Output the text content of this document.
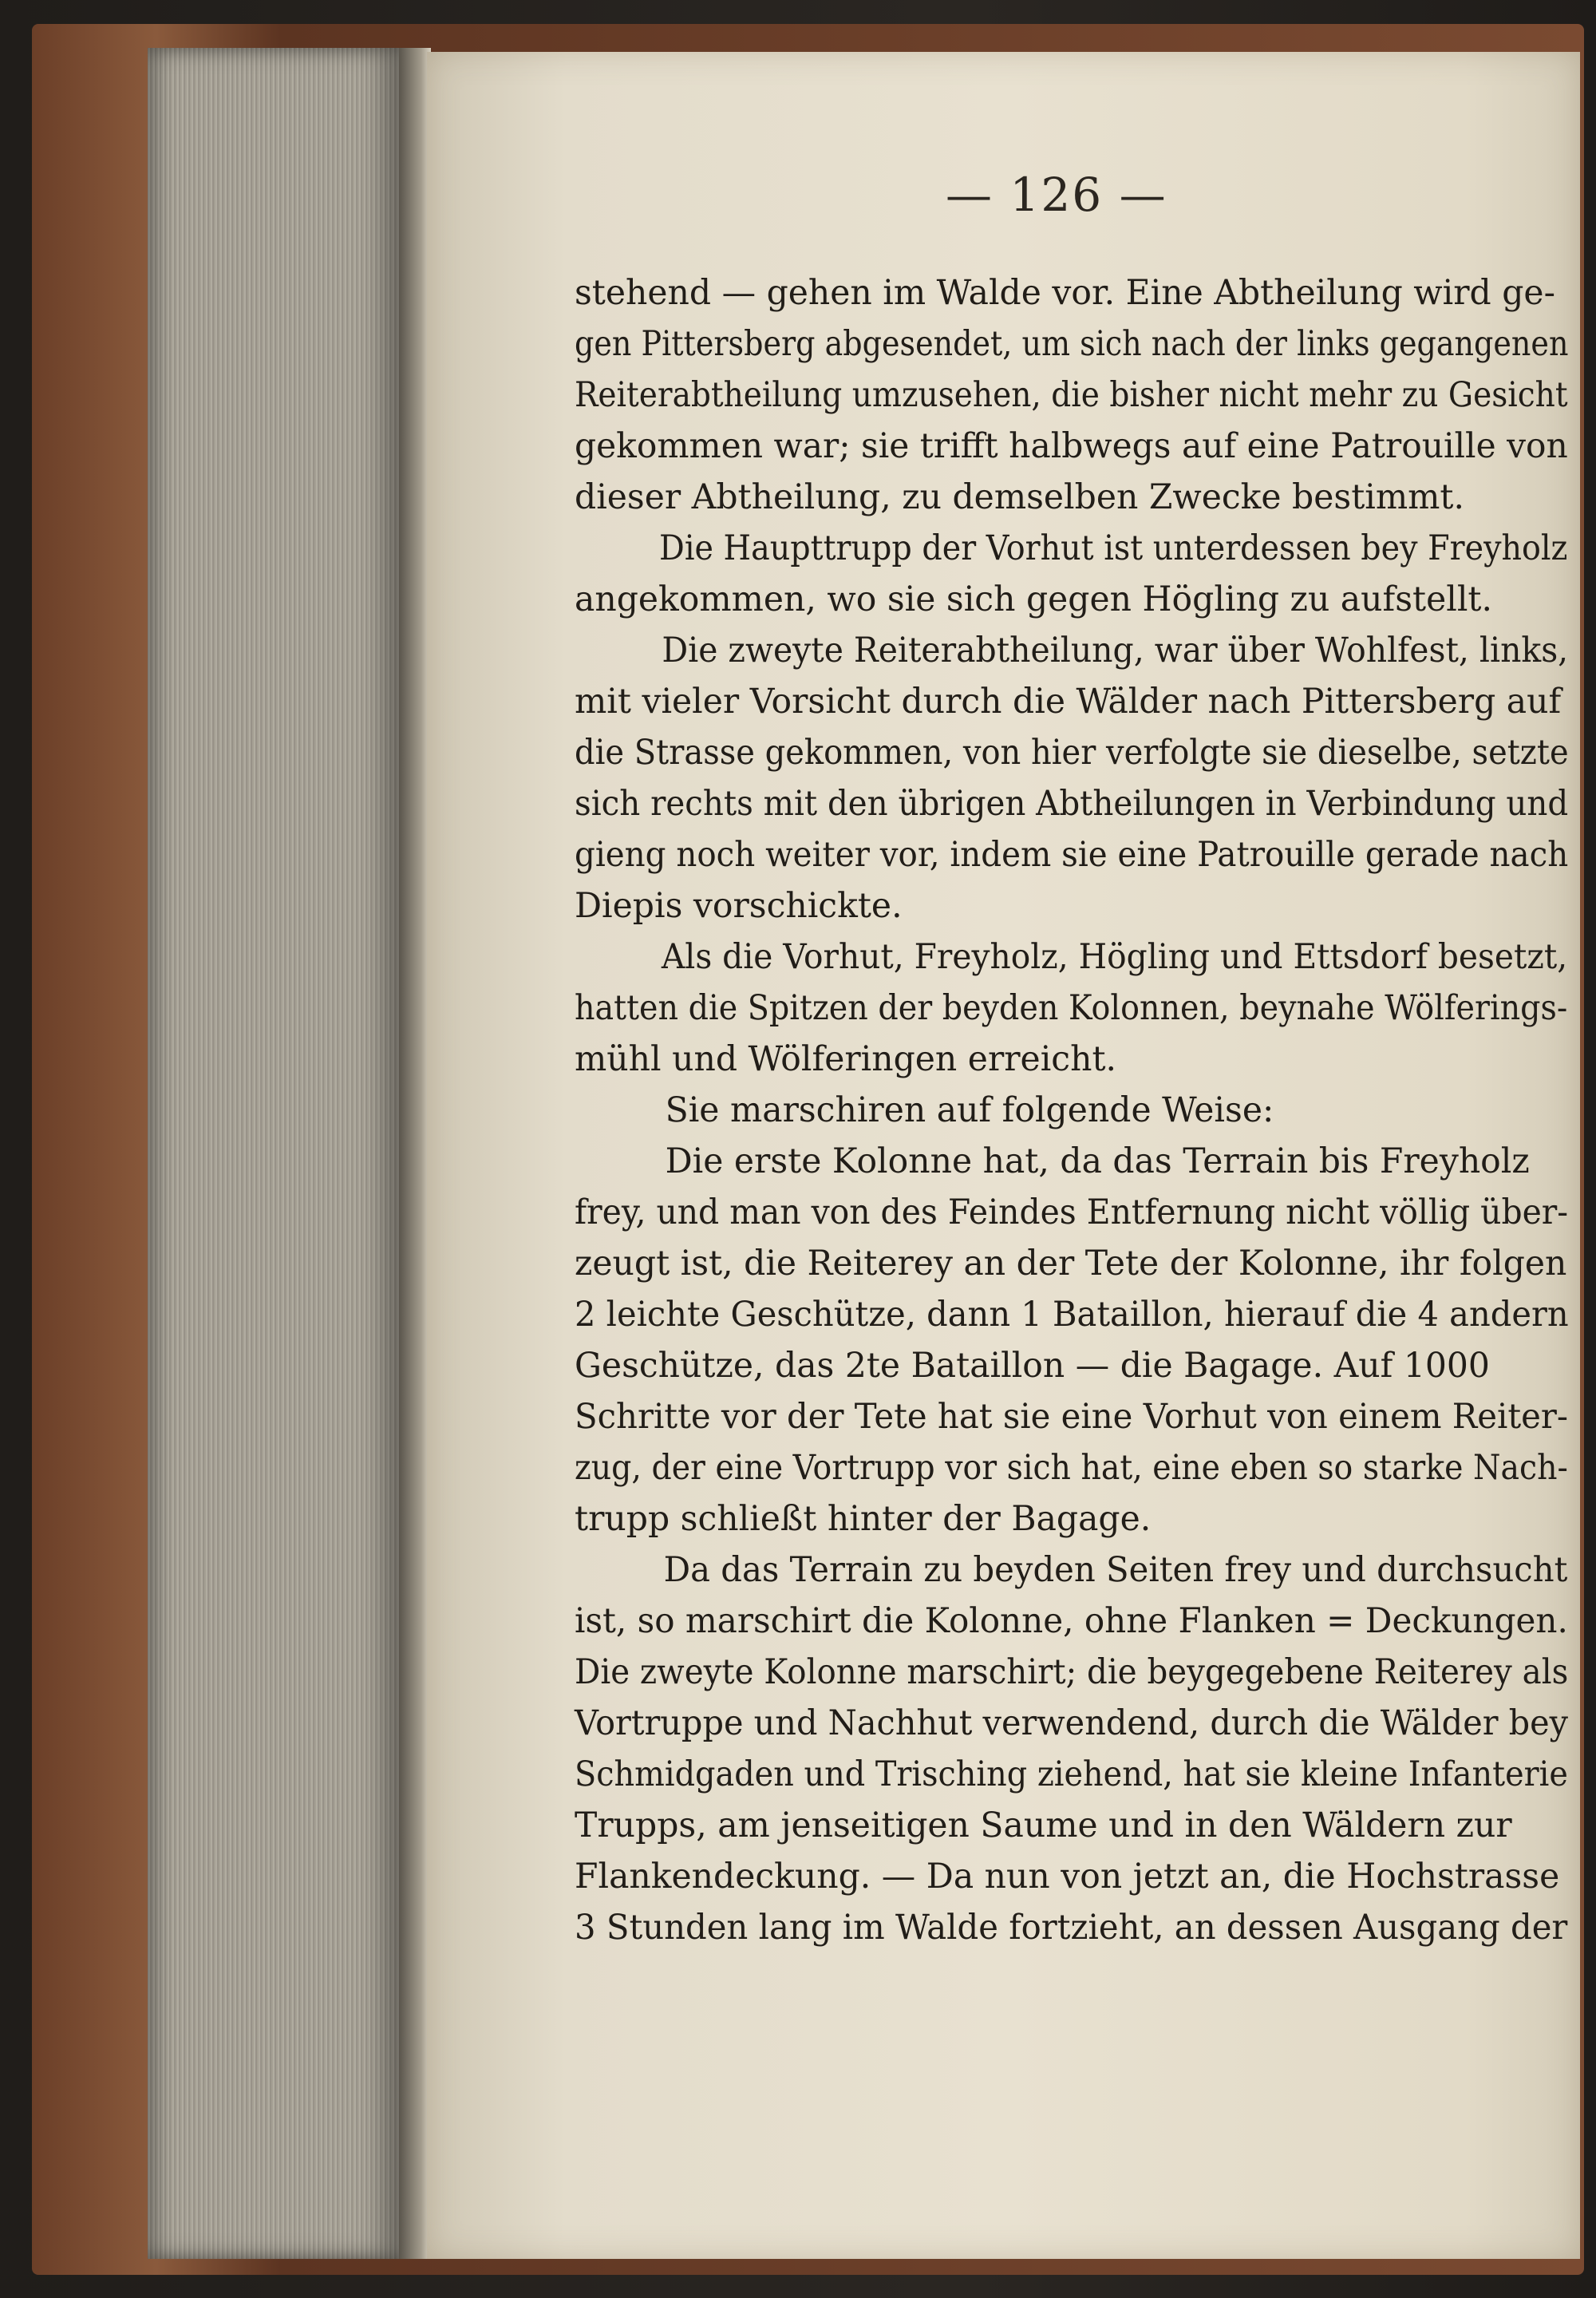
— 126 —
stehend — gehen im Walde vor. Eine Abtheilung wird ge-
gen Pittersberg abgesendet, um sich nach der links gegangenen
Reiterabtheilung umzusehen, die bisher nicht mehr zu Gesicht
gekommen war; sie trifft halbwegs auf eine Patrouille von
dieser Abtheilung, zu demselben Zwecke bestimmt.
Die Haupttrupp der Vorhut ist unterdessen bey Freyholz
angekommen, wo sie sich gegen Högling zu aufstellt.
Die zweyte Reiterabtheilung, war über Wohlfest, links,
mit vieler Vorsicht durch die Wälder nach Pittersberg auf
die Strasse gekommen, von hier verfolgte sie dieselbe, setzte
sich rechts mit den übrigen Abtheilungen in Verbindung und
gieng noch weiter vor, indem sie eine Patrouille gerade nach
Diepis vorschickte.
Als die Vorhut, Freyholz, Högling und Ettsdorf besetzt,
hatten die Spitzen der beyden Kolonnen, beynahe Wölferings-
mühl und Wölferingen erreicht.
Sie marschiren auf folgende Weise:
Die erste Kolonne hat, da das Terrain bis Freyholz
frey, und man von des Feindes Entfernung nicht völlig über-
zeugt ist, die Reiterey an der Tete der Kolonne, ihr folgen
2 leichte Geschütze, dann 1 Bataillon, hierauf die 4 andern
Geschütze, das 2te Bataillon — die Bagage. Auf 1000
Schritte vor der Tete hat sie eine Vorhut von einem Reiter-
zug, der eine Vortrupp vor sich hat, eine eben so starke Nach-
trupp schließt hinter der Bagage.
Da das Terrain zu beyden Seiten frey und durchsucht
ist, so marschirt die Kolonne, ohne Flanken = Deckungen.
Die zweyte Kolonne marschirt; die beygegebene Reiterey als
Vortruppe und Nachhut verwendend, durch die Wälder bey
Schmidgaden und Trisching ziehend, hat sie kleine Infanterie
Trupps, am jenseitigen Saume und in den Wäldern zur
Flankendeckung. — Da nun von jetzt an, die Hochstrasse
3 Stunden lang im Walde fortzieht, an dessen Ausgang der
